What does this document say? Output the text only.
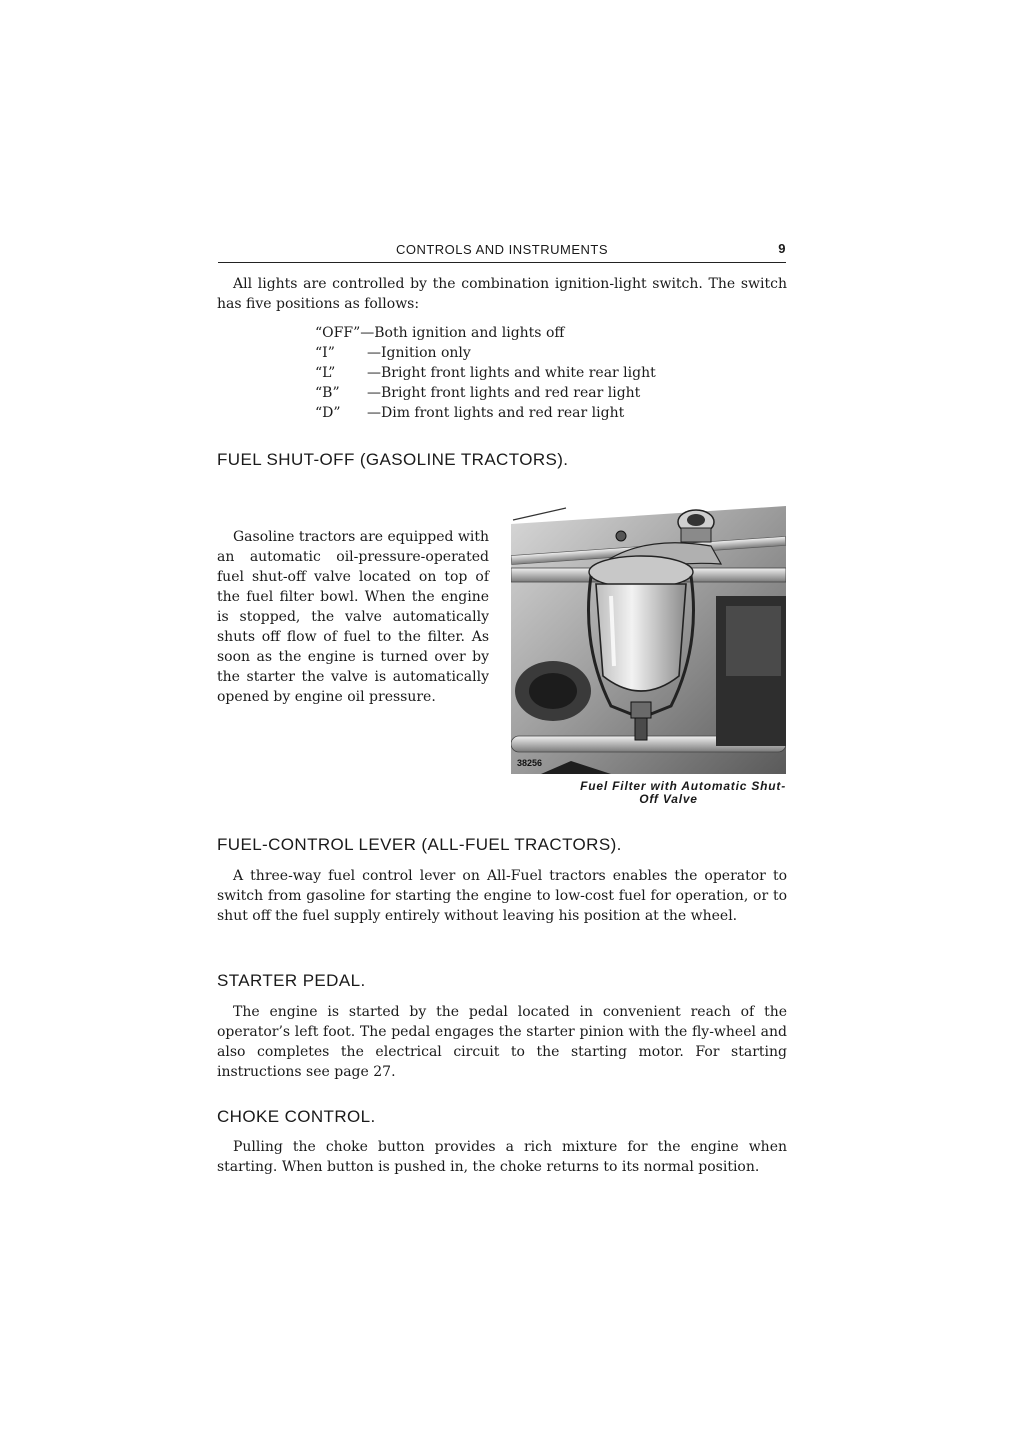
CONTROLS AND INSTRUMENTS	9

All lights are controlled by the combination ignition-light switch. The switch has five positions as follows:

“OFF” —Both ignition and lights off
“I”	—Ignition only
“L”	—Bright front lights and white rear light
“B”	—Bright front lights and red rear light
“D”	—Dim front lights and red rear light
FUEL SHUT-OFF (GASOLINE TRACTORS).

Gasoline tractors are equipped with an automatic oil-pressure-operated fuel shut-off valve located on top of the fuel filter bowl. When the engine is stopped, the valve automatically shuts off flow of fuel to the filter. As soon as the engine is turned over by the starter the valve is automatically opened by engine oil pressure.

38256
Fuel Filter with Automatic Shut-
Off Valve
FUEL-CONTROL LEVER (ALL-FUEL TRACTORS).

A three-way fuel control lever on All-Fuel tractors enables the operator to switch from gasoline for starting the engine to low-cost fuel for operation, or to shut off the fuel supply entirely without leaving his position at the wheel.

STARTER PEDAL.

The engine is started by the pedal located in convenient reach of the operator’s left foot. The pedal engages the starter pinion with the fly-wheel and also completes the electrical circuit to the starting motor. For starting instructions see page 27.

CHOKE CONTROL.

Pulling the choke button provides a rich mixture for the engine when starting. When button is pushed in, the choke returns to its normal position.
